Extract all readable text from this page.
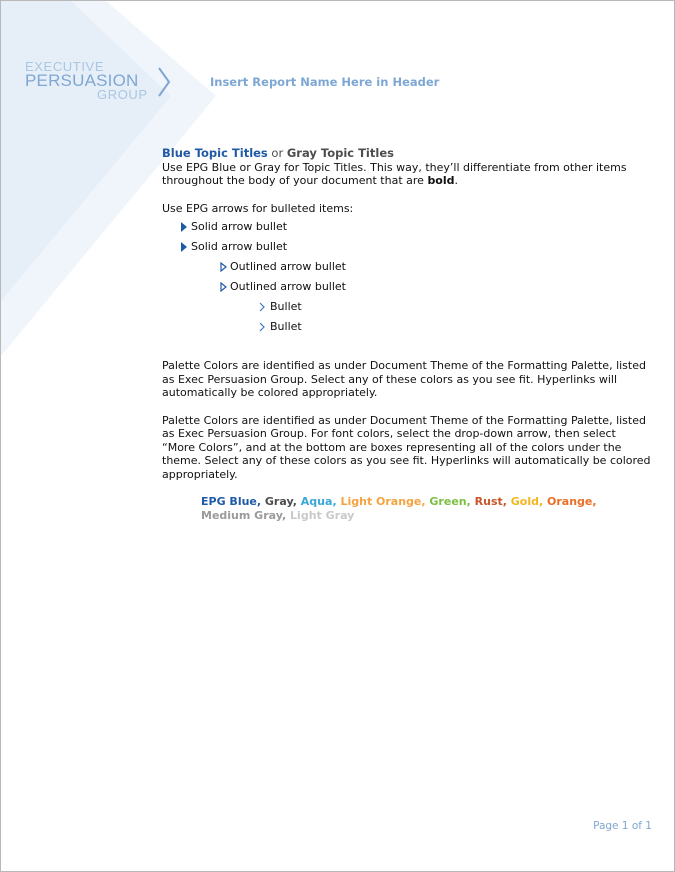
EXECUTIVE
PERSUASION
GROUP
Insert Report Name Here in Header
Blue Topic Titles or Gray Topic Titles

Use EPG Blue or Gray for Topic Titles. This way, they’ll differentiate from other items throughout the body of your document that are bold.

Use EPG arrows for bulleted items:

Solid arrow bullet
Solid arrow bullet
Outlined arrow bullet
Outlined arrow bullet
Bullet
Bullet

Palette Colors are identified as under Document Theme of the Formatting Palette, listed as Exec Persuasion Group. Select any of these colors as you see fit. Hyperlinks will automatically be colored appropriately.

Palette Colors are identified as under Document Theme of the Formatting Palette, listed as Exec Persuasion Group. For font colors, select the drop-down arrow, then select “More Colors”, and at the bottom are boxes representing all of the colors under the theme. Select any of these colors as you see fit. Hyperlinks will automatically be colored appropriately.

EPG Blue, Gray, Aqua, Light Orange, Green, Rust, Gold, Orange,
Medium Gray, Light Gray
Page 1 of 1
